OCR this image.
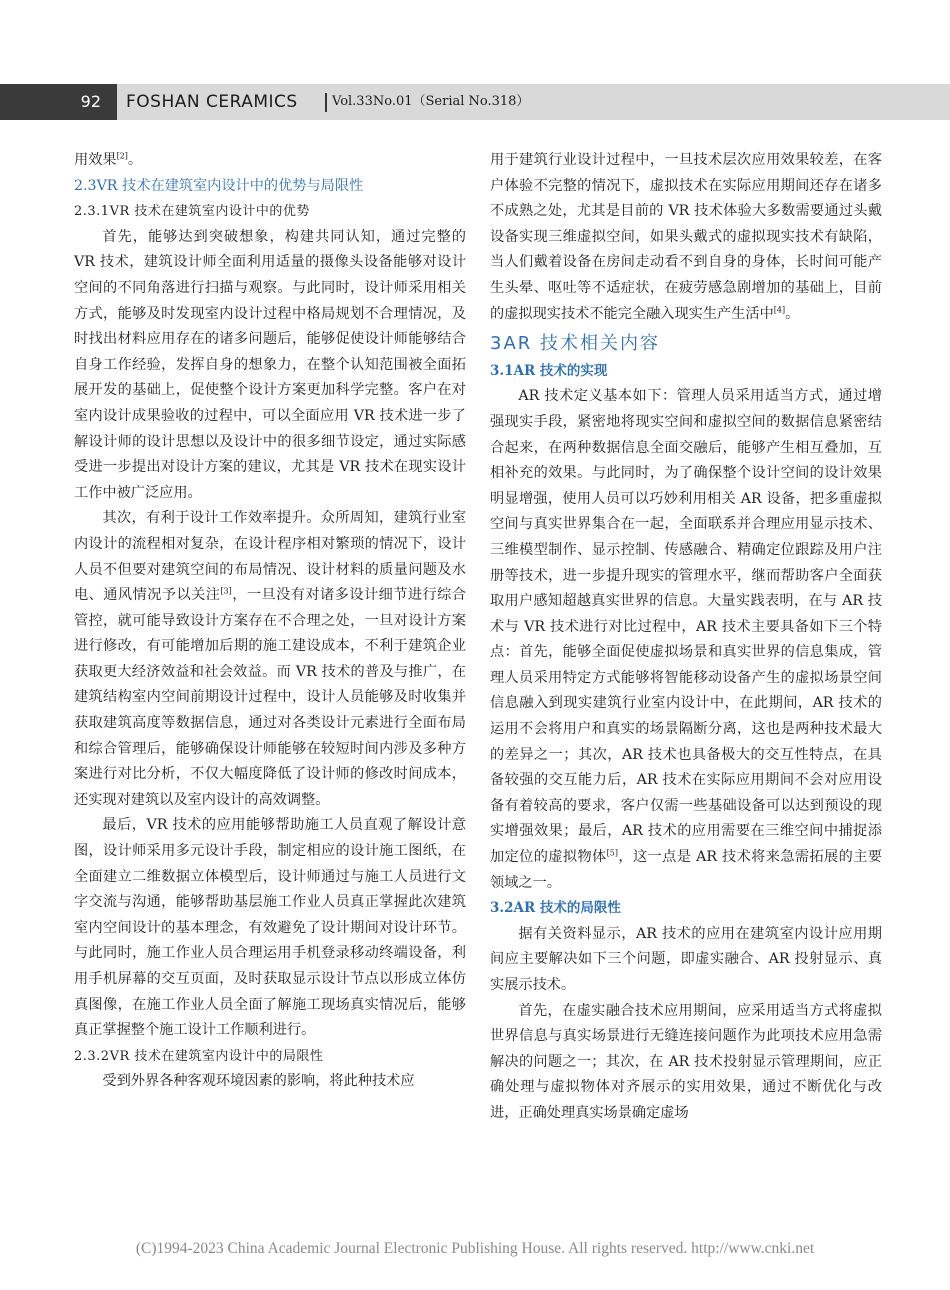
92	FOSHAN CERAMICS	Vol.33No.01（Serial No.318）

用效果[2]。

2.3VR 技术在建筑室内设计中的优势与局限性
2.3.1VR 技术在建筑室内设计中的优势

首先，能够达到突破想象，构建共同认知，通过完整的 VR 技术，建筑设计师全面利用适量的摄像头设备能够对设计空间的不同角落进行扫描与观察。与此同时，设计师采用相关方式，能够及时发现室内设计过程中格局规划不合理情况，及时找出材料应用存在的诸多问题后，能够促使设计师能够结合自身工作经验，发挥自身的想象力，在整个认知范围被全面拓展开发的基础上，促使整个设计方案更加科学完整。客户在对室内设计成果验收的过程中，可以全面应用 VR 技术进一步了解设计师的设计思想以及设计中的很多细节设定，通过实际感受进一步提出对设计方案的建议，尤其是 VR 技术在现实设计工作中被广泛应用。

其次，有利于设计工作效率提升。众所周知，建筑行业室内设计的流程相对复杂，在设计程序相对繁琐的情况下，设计人员不但要对建筑空间的布局情况、设计材料的质量问题及水电、通风情况予以关注[3]，一旦没有对诸多设计细节进行综合管控，就可能导致设计方案存在不合理之处，一旦对设计方案进行修改，有可能增加后期的施工建设成本，不利于建筑企业获取更大经济效益和社会效益。而 VR 技术的普及与推广，在建筑结构室内空间前期设计过程中，设计人员能够及时收集并获取建筑高度等数据信息，通过对各类设计元素进行全面布局和综合管理后，能够确保设计师能够在较短时间内涉及多种方案进行对比分析，不仅大幅度降低了设计师的修改时间成本，还实现对建筑以及室内设计的高效调整。

最后，VR 技术的应用能够帮助施工人员直观了解设计意图，设计师采用多元设计手段，制定相应的设计施工图纸，在全面建立二维数据立体模型后，设计师通过与施工人员进行文字交流与沟通，能够帮助基层施工作业人员真正掌握此次建筑室内空间设计的基本理念，有效避免了设计期间对设计环节。与此同时，施工作业人员合理运用手机登录移动终端设备，利用手机屏幕的交互页面，及时获取显示设计节点以形成立体仿真图像，在施工作业人员全面了解施工现场真实情况后，能够真正掌握整个施工设计工作顺利进行。

2.3.2VR 技术在建筑室内设计中的局限性

受到外界各种客观环境因素的影响，将此种技术应

用于建筑行业设计过程中，一旦技术层次应用效果较差，在客户体验不完整的情况下，虚拟技术在实际应用期间还存在诸多不成熟之处，尤其是目前的 VR 技术体验大多数需要通过头戴设备实现三维虚拟空间，如果头戴式的虚拟现实技术有缺陷，当人们戴着设备在房间走动看不到自身的身体，长时间可能产生头晕、呕吐等不适症状，在疲劳感急剧增加的基础上，目前的虚拟现实技术不能完全融入现实生产生活中[4]。

3AR 技术相关内容
3.1AR 技术的实现

AR 技术定义基本如下：管理人员采用适当方式，通过增强现实手段，紧密地将现实空间和虚拟空间的数据信息紧密结合起来，在两种数据信息全面交融后，能够产生相互叠加，互相补充的效果。与此同时，为了确保整个设计空间的设计效果明显增强，使用人员可以巧妙利用相关 AR 设备，把多重虚拟空间与真实世界集合在一起，全面联系并合理应用显示技术、三维模型制作、显示控制、传感融合、精确定位跟踪及用户注册等技术，进一步提升现实的管理水平，继而帮助客户全面获取用户感知超越真实世界的信息。大量实践表明，在与 AR 技术与 VR 技术进行对比过程中，AR 技术主要具备如下三个特点：首先，能够全面促使虚拟场景和真实世界的信息集成，管理人员采用特定方式能够将智能移动设备产生的虚拟场景空间信息融入到现实建筑行业室内设计中，在此期间，AR 技术的运用不会将用户和真实的场景隔断分离，这也是两种技术最大的差异之一；其次，AR 技术也具备极大的交互性特点，在具备较强的交互能力后，AR 技术在实际应用期间不会对应用设备有着较高的要求，客户仅需一些基础设备可以达到预设的现实增强效果；最后，AR 技术的应用需要在三维空间中捕捉添加定位的虚拟物体[5]，这一点是 AR 技术将来急需拓展的主要领域之一。

3.2AR 技术的局限性

据有关资料显示，AR 技术的应用在建筑室内设计应用期间应主要解决如下三个问题，即虚实融合、AR 投射显示、真实展示技术。

首先，在虚实融合技术应用期间，应采用适当方式将虚拟世界信息与真实场景进行无缝连接问题作为此项技术应用急需解决的问题之一；其次，在 AR 技术投射显示管理期间，应正确处理与虚拟物体对齐展示的实用效果，通过不断优化与改进，正确处理真实场景确定虚场

(C)1994-2023 China Academic Journal Electronic Publishing House. All rights reserved. http://www.cnki.net
